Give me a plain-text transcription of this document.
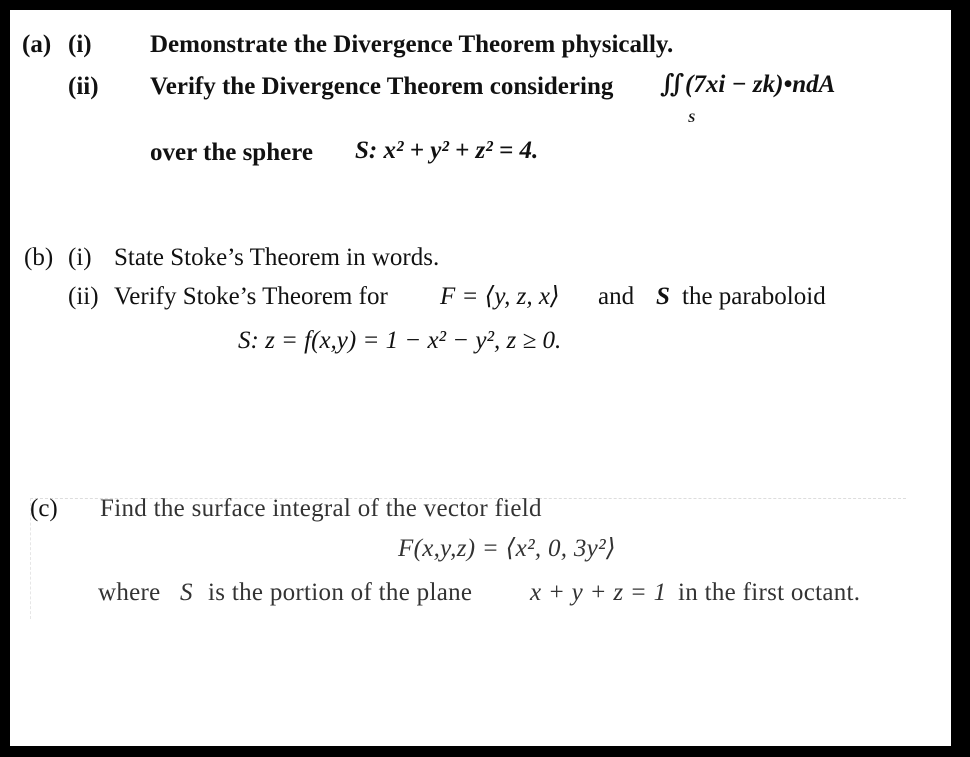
(a) (i) Demonstrate the Divergence Theorem physically.
(ii) Verify the Divergence Theorem considering ∬(7xi − zk)•ndA
S
over the sphere S: x² + y² + z² = 4.
(b) (i) State Stoke’s Theorem in words.
(ii) Verify Stoke’s Theorem for F = ⟨y, z, x⟩ and S the paraboloid
S: z = f(x,y) = 1 − x² − y², z ≥ 0.
(c) Find the surface integral of the vector field
F(x,y,z) = ⟨x², 0, 3y²⟩
where S is the portion of the plane x + y + z = 1 in the first octant.
